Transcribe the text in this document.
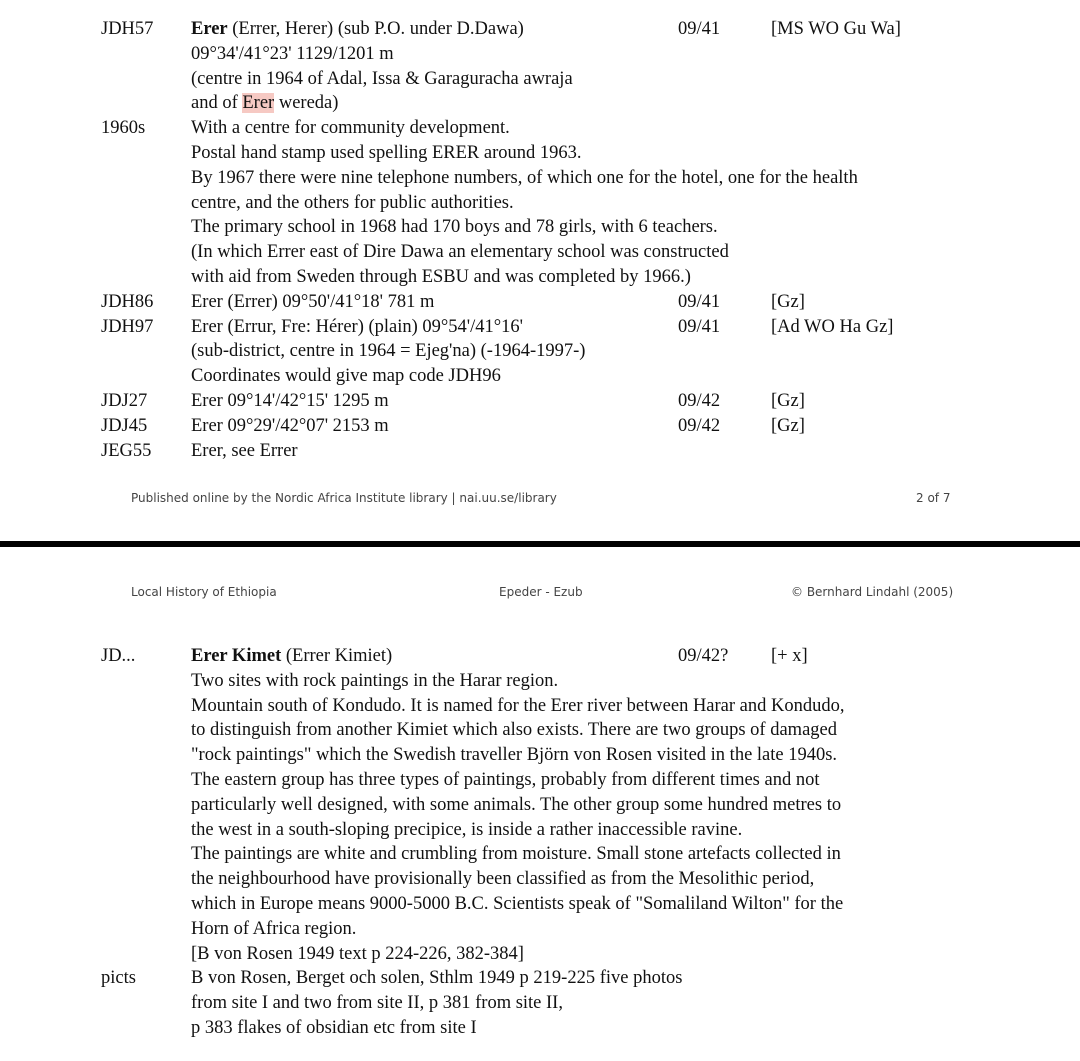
JDH57 Erer (Errer, Herer) (sub P.O. under D.Dawa)	09/41	[MS WO Gu Wa]
09°34'/41°23' 1129/1201 m
(centre in 1964 of Adal, Issa & Garaguracha awraja
and of Erer wereda)
1960s With a centre for community development.
Postal hand stamp used spelling ERER around 1963.
By 1967 there were nine telephone numbers, of which one for the hotel, one for the health
centre, and the others for public authorities.
The primary school in 1968 had 170 boys and 78 girls, with 6 teachers.
(In which Errer east of Dire Dawa an elementary school was constructed
with aid from Sweden through ESBU and was completed by 1966.)
JDH86 Erer (Errer) 09°50'/41°18' 781 m	09/41	[Gz]
JDH97 Erer (Errur, Fre: Hérer) (plain) 09°54'/41°16'	09/41	[Ad WO Ha Gz]
(sub-district, centre in 1964 = Ejeg'na) (-1964-1997-)
Coordinates would give map code JDH96
JDJ27 Erer 09°14'/42°15' 1295 m	09/42	[Gz]
JDJ45 Erer 09°29'/42°07' 2153 m	09/42	[Gz]
JEG55 Erer, see Errer
Published online by the Nordic Africa Institute library | nai.uu.se/library	2 of 7
Local History of Ethiopia	Epeder - Ezub	© Bernhard Lindahl (2005)
JD...	Erer Kimet (Errer Kimiet)	09/42? [+ x]
Two sites with rock paintings in the Harar region.
Mountain south of Kondudo. It is named for the Erer river between Harar and Kondudo,
to distinguish from another Kimiet which also exists. There are two groups of damaged
"rock paintings" which the Swedish traveller Björn von Rosen visited in the late 1940s.
The eastern group has three types of paintings, probably from different times and not
particularly well designed, with some animals. The other group some hundred metres to
the west in a south-sloping precipice, is inside a rather inaccessible ravine.
The paintings are white and crumbling from moisture. Small stone artefacts collected in
the neighbourhood have provisionally been classified as from the Mesolithic period,
which in Europe means 9000-5000 B.C. Scientists speak of "Somaliland Wilton" for the
Horn of Africa region.
[B von Rosen 1949 text p 224-226, 382-384]
picts	B von Rosen, Berget och solen, Sthlm 1949 p 219-225 five photos
from site I and two from site II, p 381 from site II,
p 383 flakes of obsidian etc from site I
